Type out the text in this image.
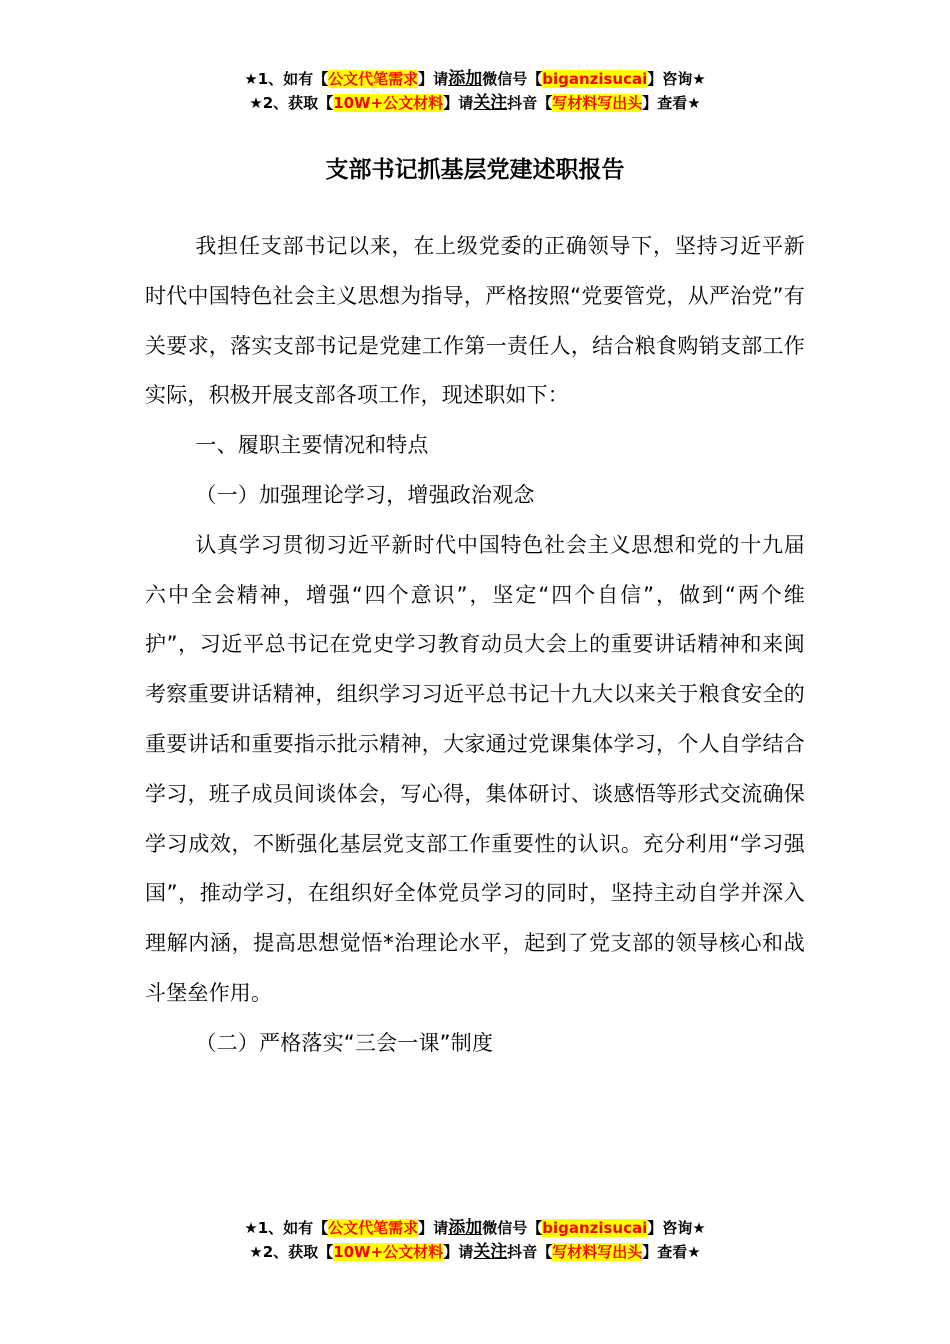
★1、如有【公文代笔需求】请添加微信号【biganzisucai】咨询★
★2、获取【10W+公文材料】请关注抖音【写材料写出头】查看★
支部书记抓基层党建述职报告

我担任支部书记以来，在上级党委的正确领导下，坚持习近平新时代中国特色社会主义思想为指导，严格按照“党要管党，从严治党”有关要求，落实支部书记是党建工作第一责任人，结合粮食购销支部工作实际，积极开展支部各项工作，现述职如下：

一、履职主要情况和特点

（一）加强理论学习，增强政治观念

认真学习贯彻习近平新时代中国特色社会主义思想和党的十九届六中全会精神，增强“四个意识”，坚定“四个自信”，做到“两个维护”，习近平总书记在党史学习教育动员大会上的重要讲话精神和来闽考察重要讲话精神，组织学习习近平总书记十九大以来关于粮食安全的重要讲话和重要指示批示精神，大家通过党课集体学习，个人自学结合学习，班子成员间谈体会，写心得，集体研讨、谈感悟等形式交流确保学习成效，不断强化基层党支部工作重要性的认识。充分利用“学习强国”，推动学习，在组织好全体党员学习的同时，坚持主动自学并深入理解内涵，提高思想觉悟*治理论水平，起到了党支部的领导核心和战斗堡垒作用。

（二）严格落实“三会一课”制度

★1、如有【公文代笔需求】请添加微信号【biganzisucai】咨询★
★2、获取【10W+公文材料】请关注抖音【写材料写出头】查看★
